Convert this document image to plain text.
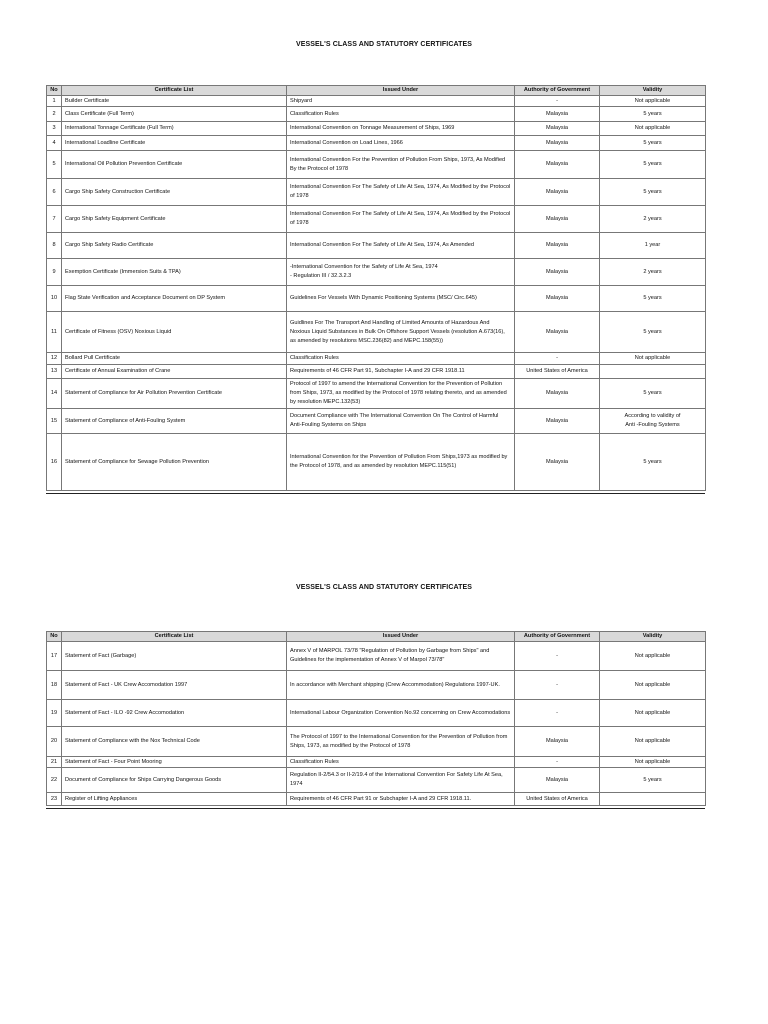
VESSEL'S CLASS AND STATUTORY CERTIFICATES
No	Certificate List	Issued Under	Authority of Government	Validity
1	Builder Certificate	Shipyard	-	Not applicable
2	Class Certificate (Full Term)	Classification Rules	Malaysia	5 years
3	International Tonnage Certificate (Full Term)	International Convention on Tonnage Measurement of Ships, 1969	Malaysia	Not applicable
4	International Loadline Certificate	International Convention on Load Lines, 1966	Malaysia	5 years
5	International Oil Pollution Prevention Certificate	International Convention For the Prevention of Pollution From Ships, 1973, As Modified By the Protocol of 1978	Malaysia	5 years
6	Cargo Ship Safety Construction Certificate	International Convention For The Safety of Life At Sea, 1974, As Modified by the Protocol of 1978	Malaysia	5 years
7	Cargo Ship Safety Equipment Certificate	International Convention For The Safety of Life At Sea, 1974, As Modified by the Protocol of 1978	Malaysia	2 years
8	Cargo Ship Safety Radio Certificate	International Convention For The Safety of Life At Sea, 1974, As Amended	Malaysia	1 year
9	Exemption Certificate (Immersion Suits & TPA)	-International Convention for the Safety of Life At Sea, 1974
- Regulation III / 32.3.2.3	Malaysia	2 years
10	Flag State Verification and Acceptance Document on DP System	Guidelines For Vessels With Dynamic Positioning Systems (MSC/ Circ.645)	Malaysia	5 years
11	Certificate of Fitness (OSV) Noxious Liquid	Guidlines For The Transport And Handling of Limited Amounts of Hazardous And Noxious Liquid Substances in Bulk On Offshore Support Vessels (resolution A.673(16), as amended by resolutions MSC.236(82) and MEPC.158(55))	Malaysia	5 years
12	Bollard Pull Certificate	Classification Rules	-	Not applicable
13	Certificate of Annual Examination of Crane	Requirements of 46 CFR Part 91, Subchapter I-A and 29 CFR 1918.11	United States of America	
14	Statement of Compliance for Air Pollution Prevention Certificate	Protocol of 1997 to amend the International Convention for the Prevention of Pollution from Ships, 1973, as modified by the Protocol of 1978 relating thereto, and as amended by resolution MEPC.132(53)	Malaysia	5 years
15	Statement of Compliance of Anti-Fouling System	Document Compliance with The International Convention On The Control of Harmful Anti-Fouling Systems on Ships	Malaysia	According to validity of
Anti -Fouling Systems
16	Statement of Compliance for Sewage Pollution Prevention	International Convention for the Prevention of Pollution From Ships,1973 as modified by the Protocol of 1978, and as amended by resolution MEPC.115(51)	Malaysia	5 years
VESSEL'S CLASS AND STATUTORY CERTIFICATES
No	Certificate List	Issued Under	Authority of Government	Validity
17	Statement of Fact (Garbage)	Annex V of MARPOL 73/78 "Regulation of Pollution by Garbage from Ships" and Guidelines for the implementation of Annex V of Marpol 73/78"	-	Not applicable
18	Statement of Fact - UK Crew Accomodation 1997	In accordance with Merchant shipping (Crew Accommodation) Regulations 1997-UK.	-	Not applicable
19	Statement of Fact - ILO -92 Crew Accomodation	International Labour Organization Convention No.92 concerning on Crew Accomodations	-	Not applicable
20	Statement of Compliance with the Nox Technical Code	The Protocol of 1997 to the International Convention for the Prevention of Pollution from Ships, 1973, as modified by the Protocol of 1978	Malaysia	Not applicable
21	Statement of Fact - Four Point Mooring	Classification Rules	-	Not applicable
22	Document of Compliance for Ships Carrying Dangerous Goods	Regulation II-2/54.3 or II-2/19.4 of the International Convention For Safety Life At Sea, 1974	Malaysia	5 years
23	Register of Lifting Appliances	Requirements of 46 CFR Part 91 or Subchapter I-A and 29 CFR 1918.11.	United States of America	
